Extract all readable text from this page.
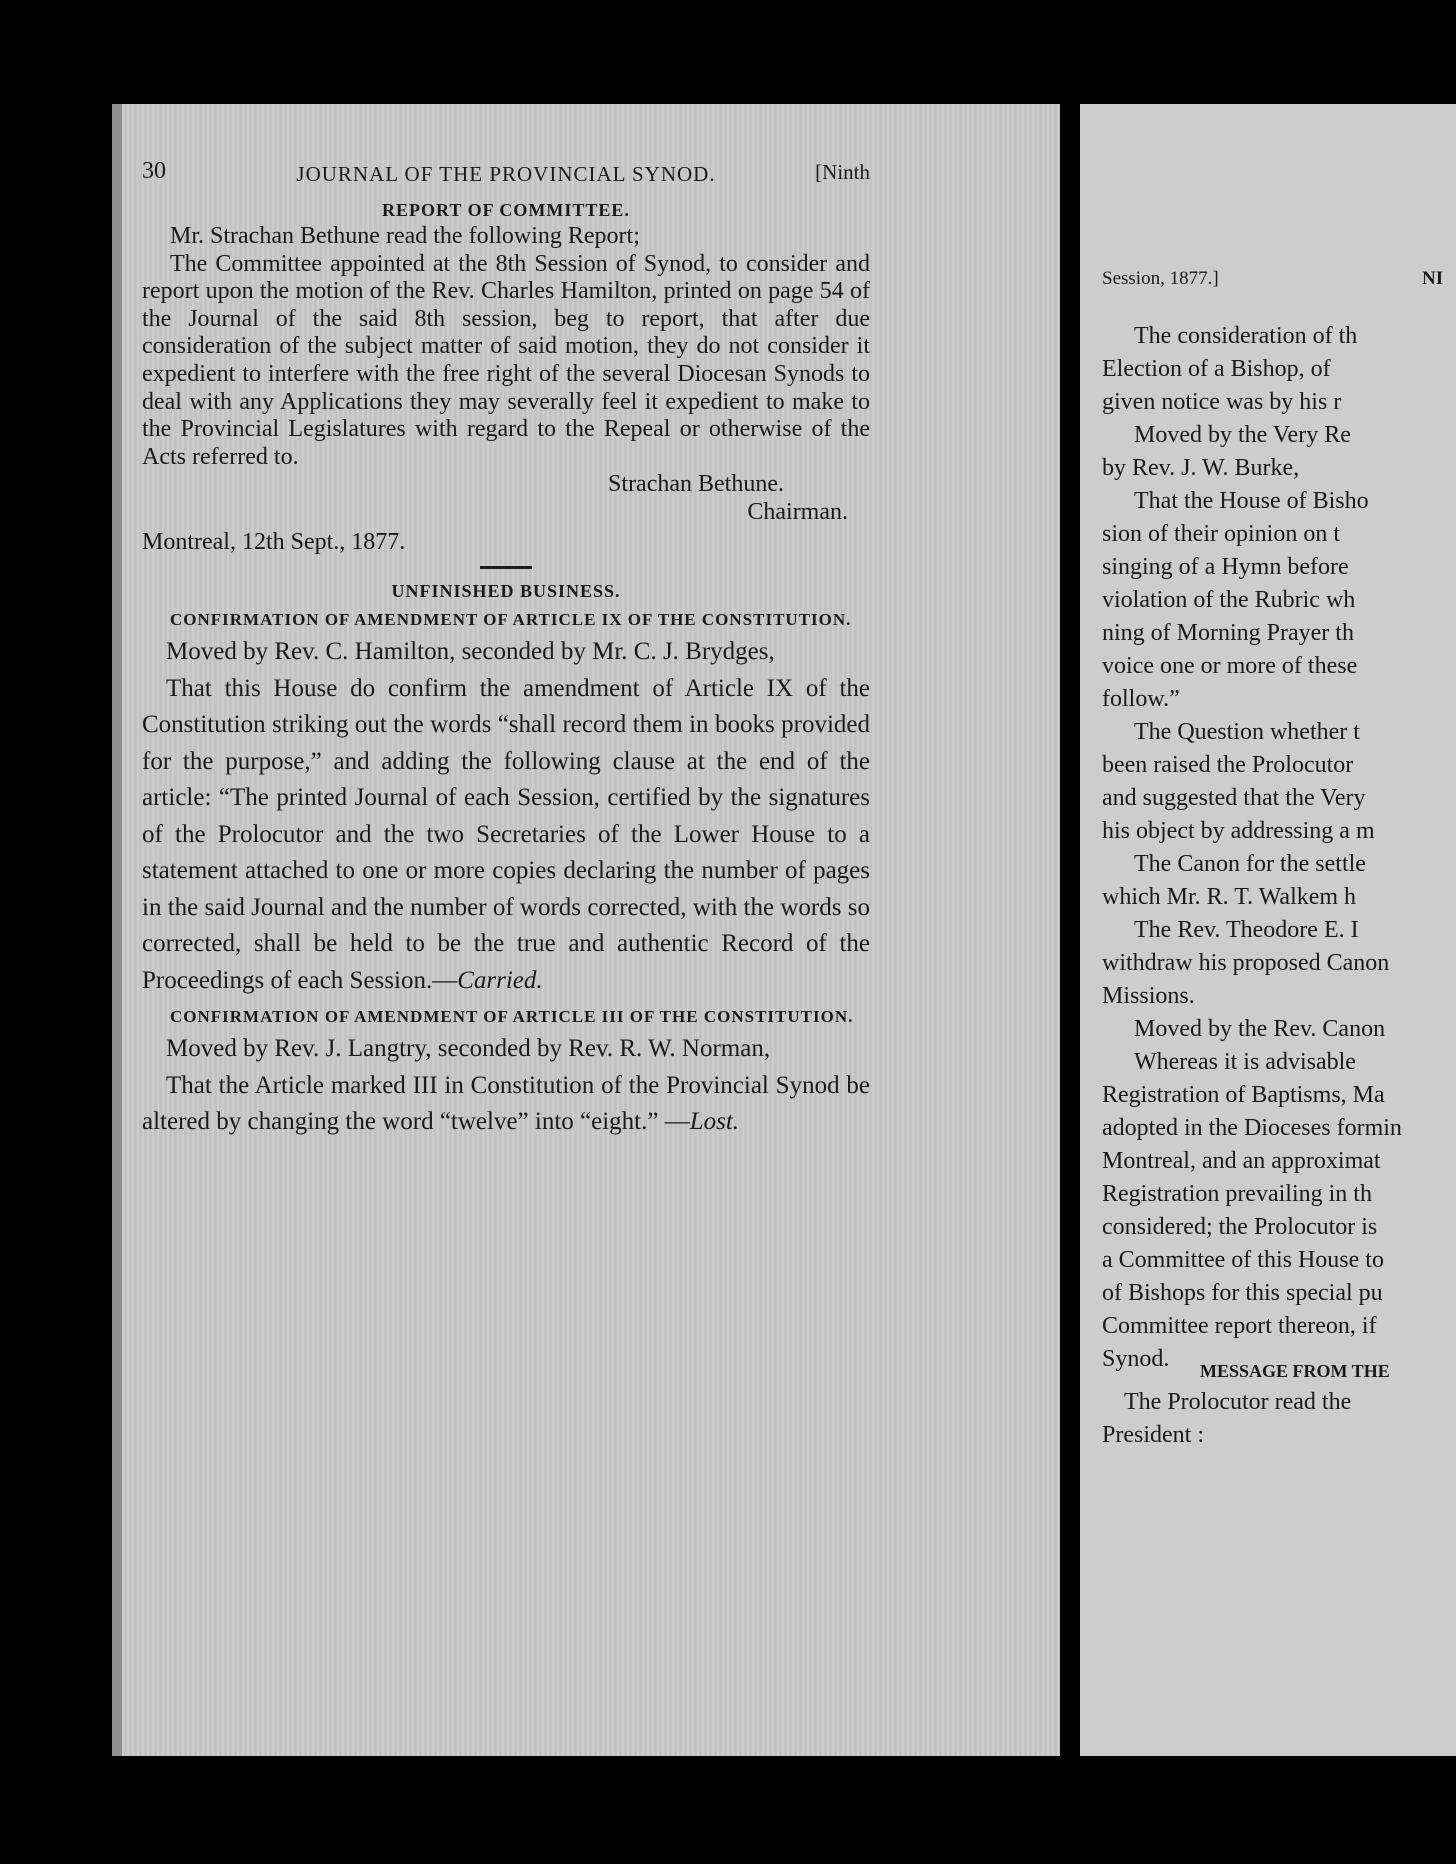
30	JOURNAL OF THE PROVINCIAL SYNOD.	[Ninth

REPORT OF COMMITTEE.

Mr. Strachan Bethune read the following Report;

The Committee appointed at the 8th Session of Synod, to consider and report upon the motion of the Rev. Charles Hamilton, printed on page 54 of the Journal of the said 8th session, beg to report, that after due consideration of the subject matter of said motion, they do not consider it expedient to interfere with the free right of the several Diocesan Synods to deal with any Applications they may severally feel it expedient to make to the Provincial Legislatures with regard to the Repeal or otherwise of the Acts referred to.

Strachan Bethune.

Chairman.

Montreal, 12th Sept., 1877.

UNFINISHED BUSINESS.

CONFIRMATION OF AMENDMENT OF ARTICLE IX OF THE CONSTITUTION.

Moved by Rev. C. Hamilton, seconded by Mr. C. J. Brydges,

That this House do confirm the amendment of Article IX of the Constitution striking out the words “shall record them in books provided for the purpose,” and adding the following clause at the end of the article: “The printed Journal of each Session, certified by the signatures of the Prolocutor and the two Secretaries of the Lower House to a statement attached to one or more copies declaring the number of pages in the said Journal and the number of words corrected, with the words so corrected, shall be held to be the true and authentic Record of the Proceedings of each Session.—Carried.

CONFIRMATION OF AMENDMENT OF ARTICLE III OF THE CONSTITUTION.

Moved by Rev. J. Langtry, seconded by Rev. R. W. Norman,

That the Article marked III in Constitution of the Provincial Synod be altered by changing the word “twelve” into “eight.” —Lost.

Session, 1877.]	NI
The consideration of th
Election of a Bishop, of
given notice was by his r
Moved by the Very Re
by Rev. J. W. Burke,
That the House of Bisho
sion of their opinion on t
singing of a Hymn before
violation of the Rubric wh
ning of Morning Prayer th
voice one or more of these
follow.”
The Question whether t
been raised the Prolocutor
and suggested that the Very
his object by addressing a m
The Canon for the settle
which Mr. R. T. Walkem h
The Rev. Theodore E. I
withdraw his proposed Canon
Missions.
Moved by the Rev. Canon
Whereas it is advisable
Registration of Baptisms, Ma
adopted in the Dioceses formin
Montreal, and an approximat
Registration prevailing in th
considered; the Prolocutor is
a Committee of this House to
of Bishops for this special pu
Committee report thereon, if
Synod.	MESSAGE FROM THE
The Prolocutor read the
President :
